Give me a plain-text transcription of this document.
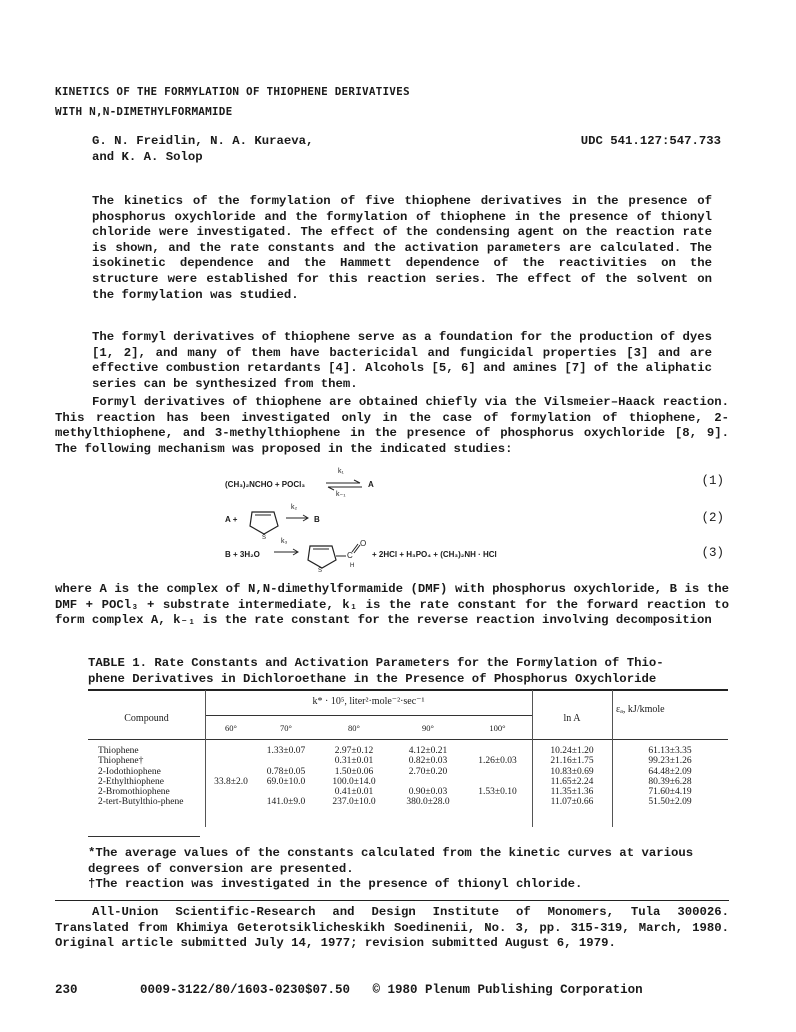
KINETICS OF THE FORMYLATION OF THIOPHENE DERIVATIVES
WITH N,N-DIMETHYLFORMAMIDE
G. N. Freidlin, N. A. Kuraeva,
and K. A. Solop
UDC 541.127:547.733
The kinetics of the formylation of five thiophene derivatives in the presence of phosphorus oxychloride and the formylation of thiophene in the presence of thionyl chloride were investigated. The effect of the condensing agent on the reaction rate is shown, and the rate constants and the activation parameters are calculated. The isokinetic dependence and the Hammett dependence of the reactivities on the structure were established for this reaction series. The effect of the solvent on the formylation was studied.
The formyl derivatives of thiophene serve as a foundation for the production of dyes [1, 2], and many of them have bactericidal and fungicidal properties [3] and are effective combustion retardants [4]. Alcohols [5, 6] and amines [7] of the aliphatic series can be synthesized from them.
Formyl derivatives of thiophene are obtained chiefly via the Vilsmeier–Haack reaction. This reaction has been investigated only in the case of formylation of thiophene, 2-methylthiophene, and 3-methylthiophene in the presence of phosphorus oxychloride [8, 9]. The following mechanism was proposed in the indicated studies:
(CH₃)₂NCHO + POCl₃
k₁
k₋₁
A	(1)
A +
S
k₂
B	(2)
B + 3H₂O
k₃
S
C
O
H
+ 2HCl + H₃PO₄ + (CH₃)₂NH · HCl	(3)
where A is the complex of N,N-dimethylformamide (DMF) with phosphorus oxychloride, B is the DMF + POCl₃ + substrate intermediate, k₁ is the rate constant for the forward reaction to form complex A, k₋₁ is the rate constant for the reverse reaction involving decomposition
TABLE 1. Rate Constants and Activation Parameters for the Formylation of Thio-
phene Derivatives in Dichloroethane in the Presence of Phosphorus Oxychloride
k* · 10⁵, liter²·mole⁻²·sec⁻¹
Compound	ln A
εₐ, kJ/kmole
60°	70°	80°	90°	100°
Thiophene		1.33±0.07	2.97±0.12	4.12±0.21		10.24±1.20	61.13±3.35
Thiophene†			0.31±0.01	0.82±0.03	1.26±0.03	21.16±1.75	99.23±1.26
2-Iodothiophene		0.78±0.05	1.50±0.06	2.70±0.20		10.83±0.69	64.48±2.09
2-Ethylthiophene	33.8±2.0	69.0±10.0	100.0±14.0			11.65±2.24	80.39±6.28
2-Bromothiophene			0.41±0.01	0.90±0.03	1.53±0.10	11.35±1.36	71.60±4.19
2-tert-Butylthio-phene		141.0±9.0	237.0±10.0	380.0±28.0		11.07±0.66	51.50±2.09
*The average values of the constants calculated from the kinetic curves at various
degrees of conversion are presented.
†The reaction was investigated in the presence of thionyl chloride.
All-Union Scientific-Research and Design Institute of Monomers, Tula 300026. Translated from Khimiya Geterotsiklicheskikh Soedinenii, No. 3, pp. 315-319, March, 1980. Original article submitted July 14, 1977; revision submitted August 6, 1979.
230	0009-3122/80/1603-0230$07.50   © 1980 Plenum Publishing Corporation
